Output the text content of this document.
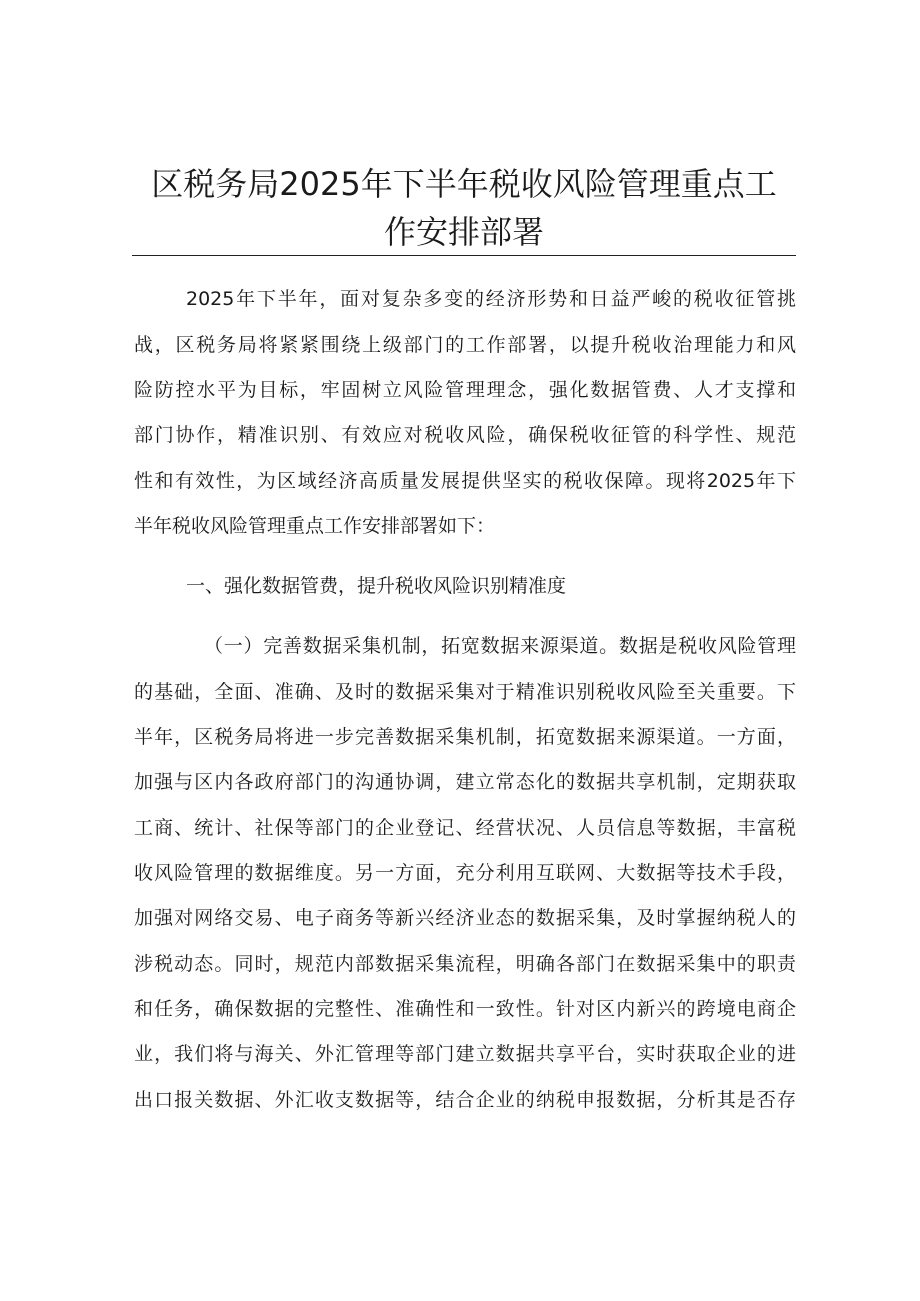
区税务局2025年下半年税收风险管理重点工
作安排部署
2025年下半年，面对复杂多变的经济形势和日益严峻的税收征管挑
战，区税务局将紧紧围绕上级部门的工作部署，以提升税收治理能力和风
险防控水平为目标，牢固树立风险管理理念，强化数据管费、人才支撑和
部门协作，精准识别、有效应对税收风险，确保税收征管的科学性、规范
性和有效性，为区域经济高质量发展提供坚实的税收保障。现将2025年下
半年税收风险管理重点工作安排部署如下：
一、强化数据管费，提升税收风险识别精准度
（一）完善数据采集机制，拓宽数据来源渠道。数据是税收风险管理
的基础，全面、准确、及时的数据采集对于精准识别税收风险至关重要。下
半年，区税务局将进一步完善数据采集机制，拓宽数据来源渠道。一方面，
加强与区内各政府部门的沟通协调，建立常态化的数据共享机制，定期获取
工商、统计、社保等部门的企业登记、经营状况、人员信息等数据，丰富税
收风险管理的数据维度。另一方面，充分利用互联网、大数据等技术手段，
加强对网络交易、电子商务等新兴经济业态的数据采集，及时掌握纳税人的
涉税动态。同时，规范内部数据采集流程，明确各部门在数据采集中的职责
和任务，确保数据的完整性、准确性和一致性。针对区内新兴的跨境电商企
业，我们将与海关、外汇管理等部门建立数据共享平台，实时获取企业的进
出口报关数据、外汇收支数据等，结合企业的纳税申报数据，分析其是否存
